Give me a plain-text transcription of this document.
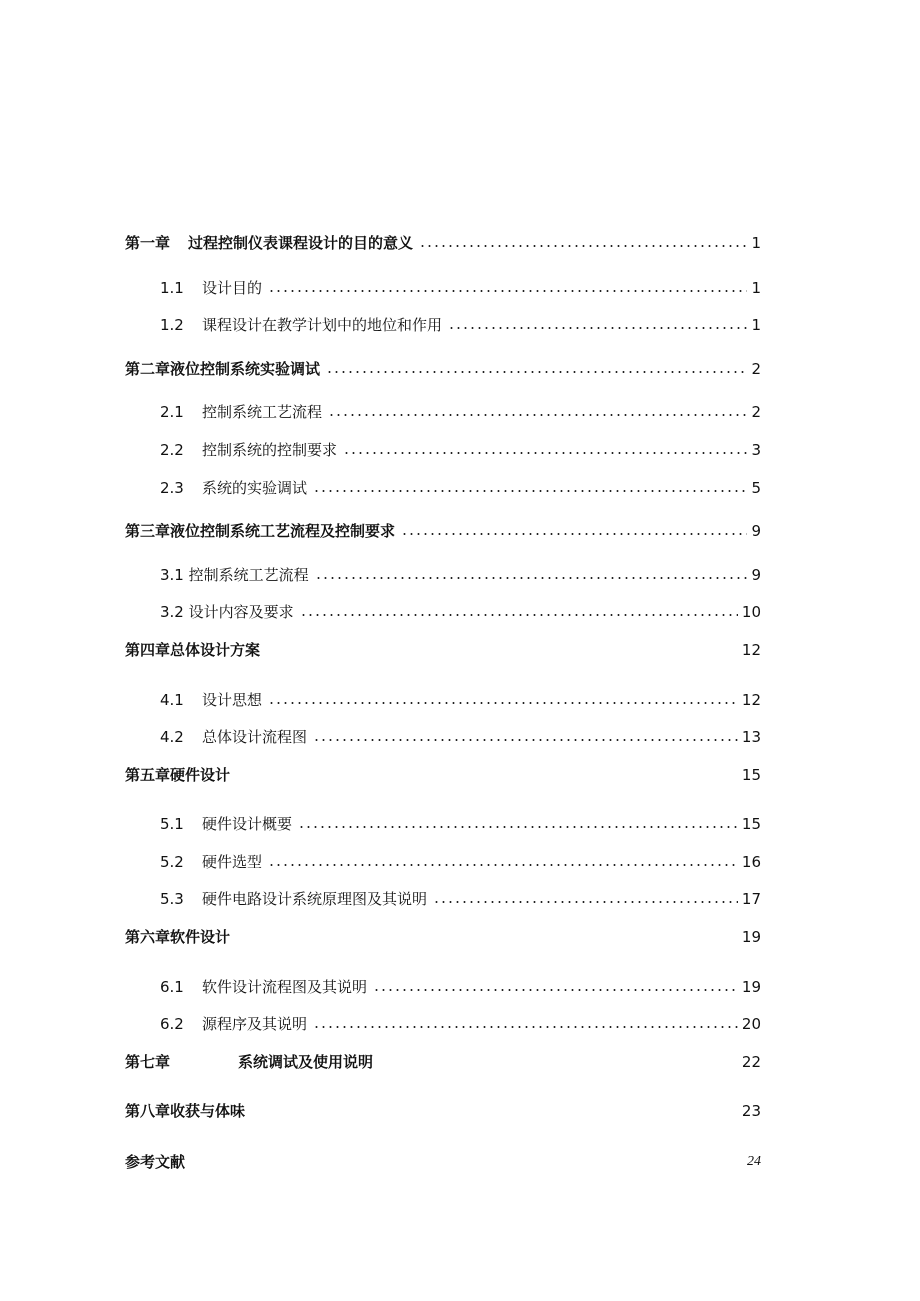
第一章 过程控制仪表课程设计的目的意义	1
1.1	设计目的	1
1.2	课程设计在教学计划中的地位和作用	1
第二章液位控制系统实验调试	2
2.1	控制系统工艺流程	2
2.2	控制系统的控制要求	3
2.3	系统的实验调试	5
第三章液位控制系统工艺流程及控制要求	9
3.1 控制系统工艺流程	9
3.2 设计内容及要求	10
第四章总体设计方案	12
4.1	设计思想	12
4.2	总体设计流程图	13
第五章硬件设计	15
5.1	硬件设计概要	15
5.2	硬件选型	16
5.3	硬件电路设计系统原理图及其说明	17
第六章软件设计	19
6.1	软件设计流程图及其说明	19
6.2	源程序及其说明	20
第七章	系统调试及使用说明	22
第八章收获与体味	23
参考文献	24
